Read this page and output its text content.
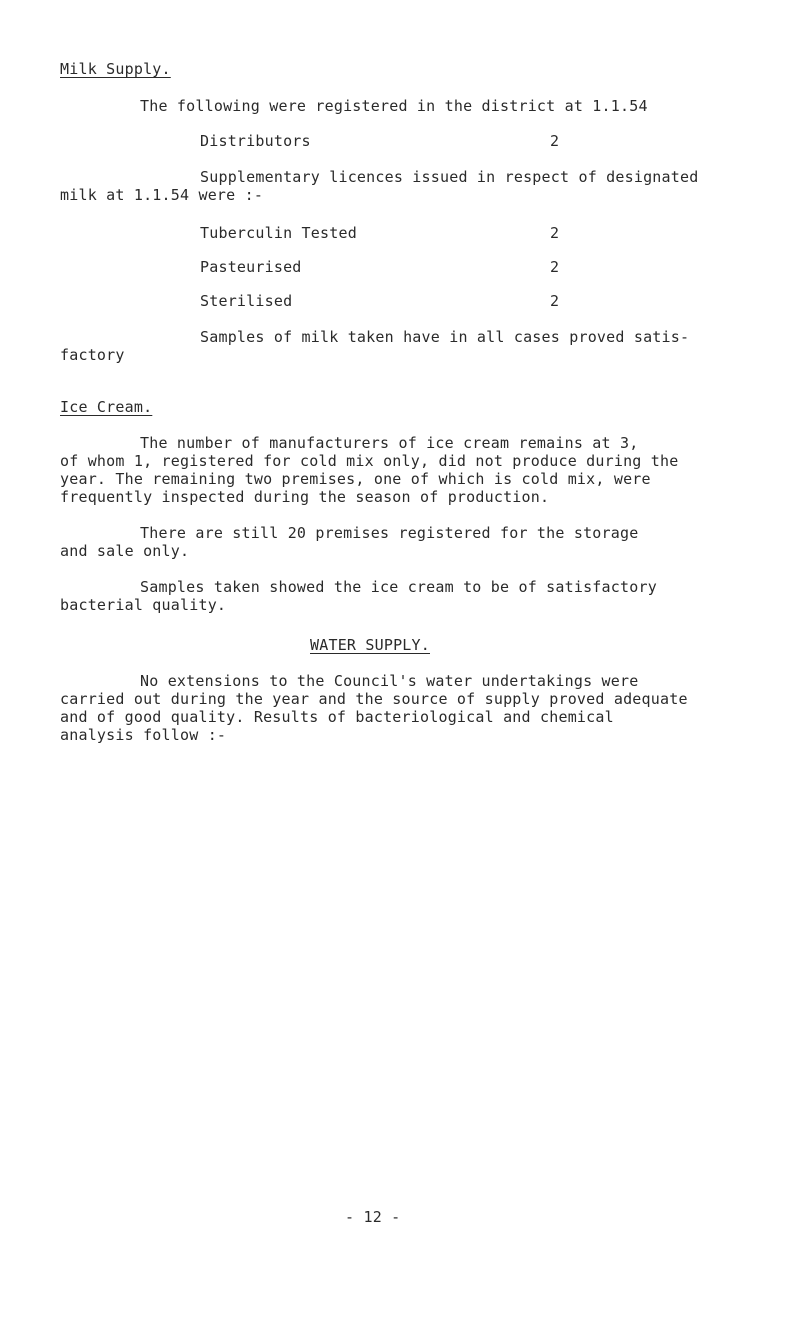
Milk Supply.
The following were registered in the district at 1.1.54
Distributors	2
Supplementary licences issued in respect of designated
milk at 1.1.54 were :-
Tuberculin Tested	2
Pasteurised	2
Sterilised	2
Samples of milk taken have in all cases proved satis-
factory
Ice Cream.
The number of manufacturers of ice cream remains at 3,
of whom 1, registered for cold mix only, did not produce during the
year. The remaining two premises, one of which is cold mix, were
frequently inspected during the season of production.
There are still 20 premises registered for the storage
and sale only.
Samples taken showed the ice cream to be of satisfactory
bacterial quality.
WATER SUPPLY.
No extensions to the Council's water undertakings were
carried out during the year and the source of supply proved adequate
and of good quality. Results of bacteriological and chemical
analysis follow :-
- 12 -
